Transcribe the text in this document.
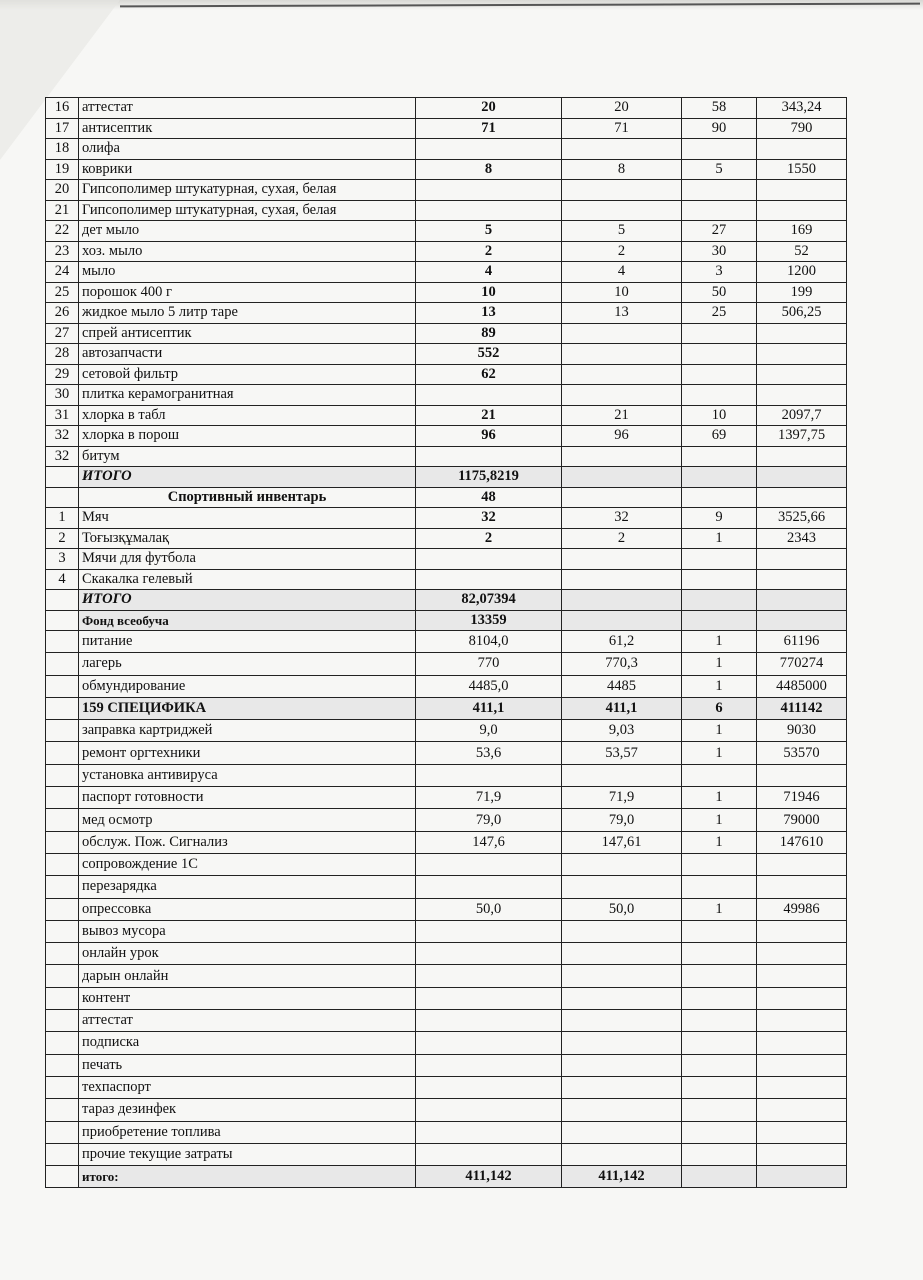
16	аттестат	20	20	58	343,24
17	антисептик	71	71	90	790
18	олифа				
19	коврики	8	8	5	1550
20	Гипсополимер штукатурная, сухая, белая				
21	Гипсополимер штукатурная, сухая, белая				
22	дет мыло	5	5	27	169
23	хоз. мыло	2	2	30	52
24	мыло	4	4	3	1200
25	порошок 400 г	10	10	50	199
26	жидкое мыло 5 литр таре	13	13	25	506,25
27	спрей антисептик	89			
28	автозапчасти	552			
29	сетовой фильтр	62			
30	плитка керамогранитная				
31	хлорка в табл	21	21	10	2097,7
32	хлорка в порош	96	96	69	1397,75
32	битум				
	ИТОГО	1175,8219			
	Спортивный инвентарь	48			
1	Мяч	32	32	9	3525,66
2	Тоғызқұмалақ	2	2	1	2343
3	Мячи для футбола				
4	Скакалка гелевый				
	ИТОГО	82,07394			
	Фонд всеобуча	13359			
	питание	8104,0	61,2	1	61196
	лагерь	770	770,3	1	770274
	обмундирование	4485,0	4485	1	4485000
	159 СПЕЦИФИКА	411,1	411,1	6	411142
	заправка картриджей	9,0	9,03	1	9030
	ремонт оргтехники	53,6	53,57	1	53570
	установка антивируса				
	паспорт готовности	71,9	71,9	1	71946
	мед осмотр	79,0	79,0	1	79000
	обслуж. Пож. Сигнализ	147,6	147,61	1	147610
	сопровождение 1С				
	перезарядка				
	опрессовка	50,0	50,0	1	49986
	вывоз мусора				
	онлайн урок				
	дарын онлайн				
	контент				
	аттестат				
	подписка				
	печать				
	техпаспорт				
	тараз дезинфек				
	приобретение топлива				
	прочие текущие затраты				
	итого:	411,142	411,142		
